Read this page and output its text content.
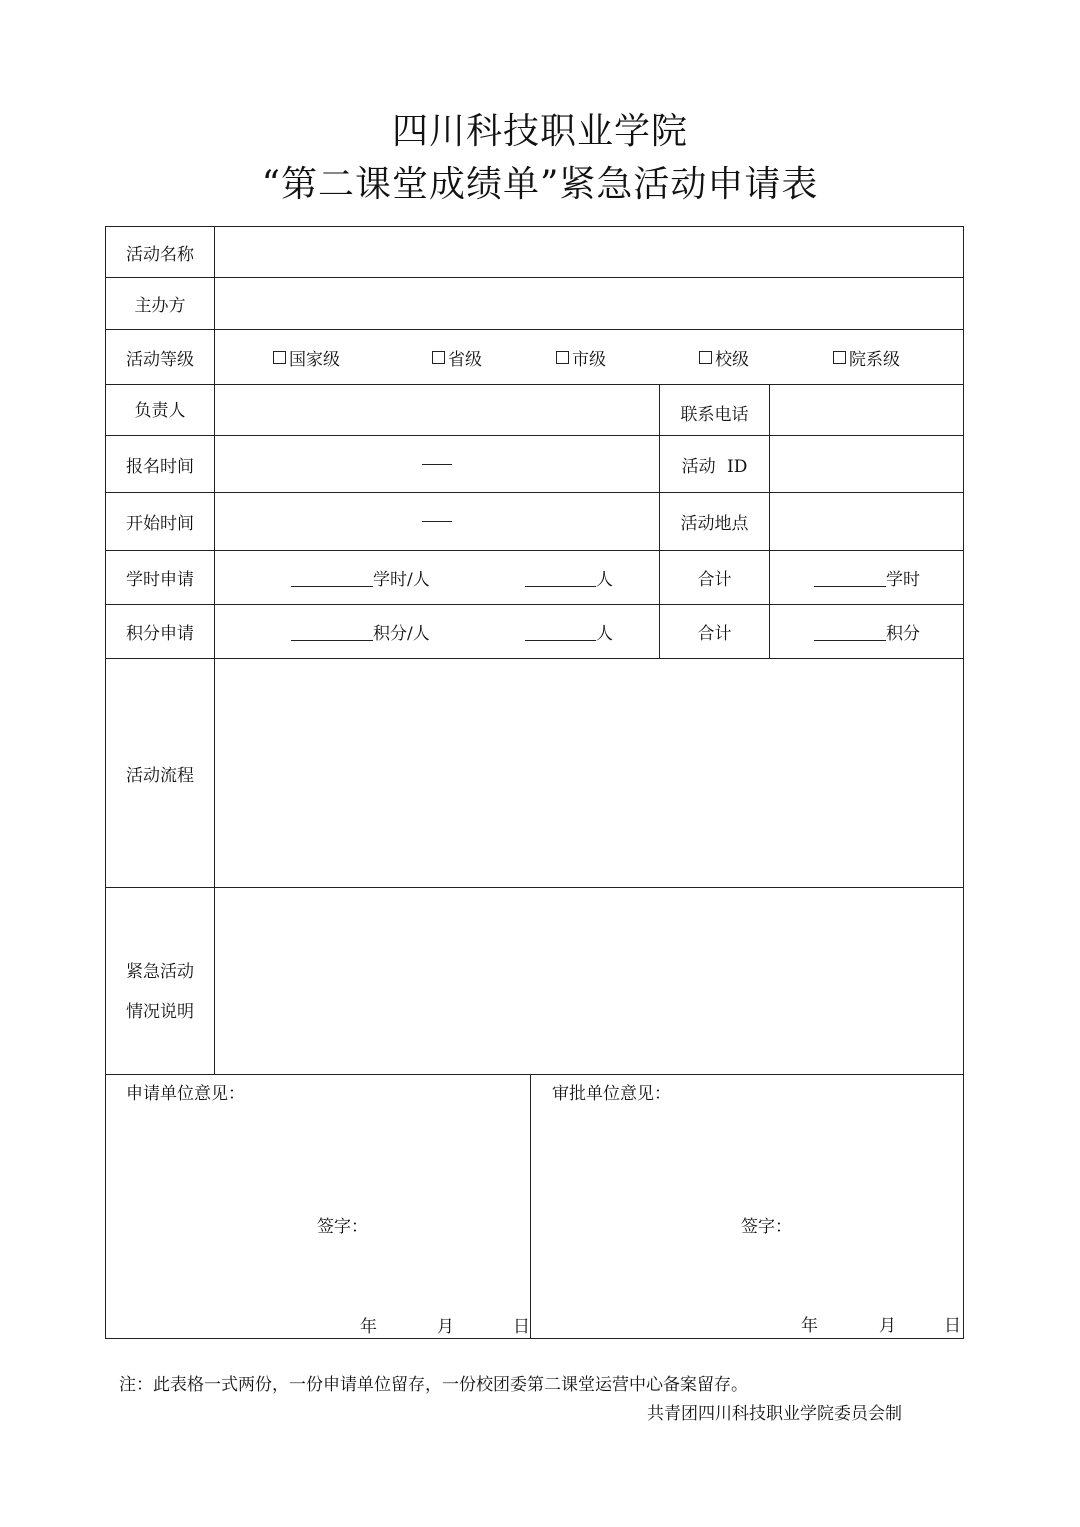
四川科技职业学院
“第二课堂成绩单”紧急活动申请表
活动名称
主办方
活动等级	国家级	省级	市级	校级	院系级
负责人	联系电话
报名时间	活动 ID
开始时间	活动地点
学时申请	学时/人	人	合计	学时
积分申请	积分/人	人	合计	积分
活动流程
紧急活动
情况说明
申请单位意见：
签字：
年	月	日
审批单位意见：
签字：
年	月	日
注：此表格一式两份，一份申请单位留存，一份校团委第二课堂运营中心备案留存。
共青团四川科技职业学院委员会制
